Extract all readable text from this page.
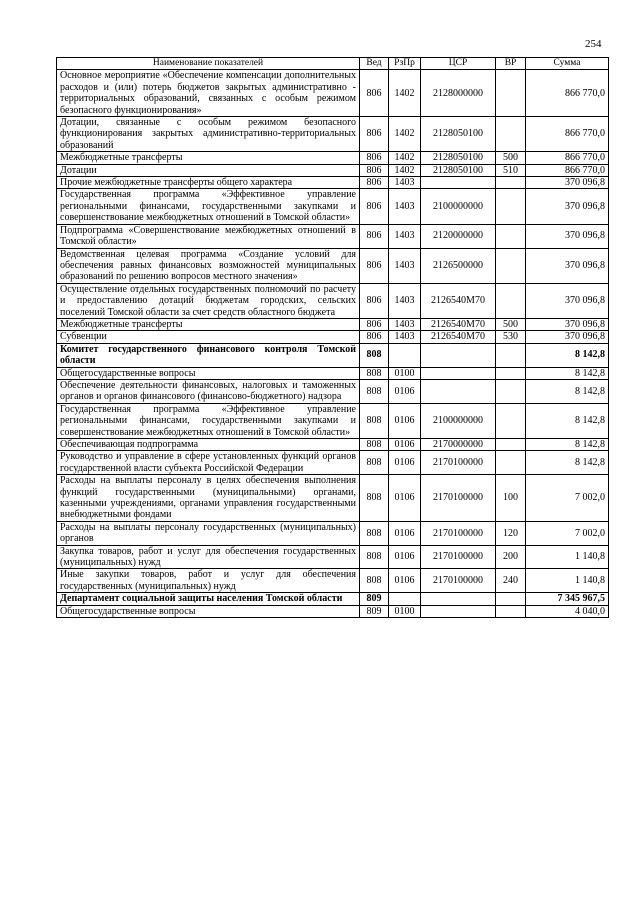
254
Наименование показателей	Вед	РзПр	ЦСР	ВР	Сумма
Основное мероприятие «Обеспечение компенсации дополнительных расходов и (или) потерь бюджетов закрытых административно - территориальных образований, связанных с особым режимом безопасного функционирования»	806	1402	2128000000		866 770,0
Дотации, связанные с особым режимом безопасного функционирования закрытых административно-территориальных образований	806	1402	2128050100		866 770,0
Межбюджетные трансферты	806	1402	2128050100	500	866 770,0
Дотации	806	1402	2128050100	510	866 770,0
Прочие межбюджетные трансферты общего характера	806	1403			370 096,8
Государственная программа «Эффективное управление региональными финансами, государственными закупками и совершенствование межбюджетных отношений в Томской области»	806	1403	2100000000		370 096,8
Подпрограмма «Совершенствование межбюджетных отношений в Томской области»	806	1403	2120000000		370 096,8
Ведомственная целевая программа «Создание условий для обеспечения равных финансовых возможностей муниципальных образований по решению вопросов местного значения»	806	1403	2126500000		370 096,8
Осуществление отдельных государственных полномочий по расчету и предоставлению дотаций бюджетам городских, сельских поселений Томской области за счет средств областного бюджета	806	1403	2126540М70		370 096,8
Межбюджетные трансферты	806	1403	2126540М70	500	370 096,8
Субвенции	806	1403	2126540М70	530	370 096,8
Комитет государственного финансового контроля Томской области	808				8 142,8
Общегосударственные вопросы	808	0100			8 142,8
Обеспечение деятельности финансовых, налоговых и таможенных органов и органов финансового (финансово-бюджетного) надзора	808	0106			8 142,8
Государственная программа «Эффективное управление региональными финансами, государственными закупками и совершенствование межбюджетных отношений в Томской области»	808	0106	2100000000		8 142,8
Обеспечивающая подпрограмма	808	0106	2170000000		8 142,8
Руководство и управление в сфере установленных функций органов государственной власти субъекта Российской Федерации	808	0106	2170100000		8 142,8
Расходы на выплаты персоналу в целях обеспечения выполнения функций государственными (муниципальными) органами, казенными учреждениями, органами управления государственными внебюджетными фондами	808	0106	2170100000	100	7 002,0
Расходы на выплаты персоналу государственных (муниципальных) органов	808	0106	2170100000	120	7 002,0
Закупка товаров, работ и услуг для обеспечения государственных (муниципальных) нужд	808	0106	2170100000	200	1 140,8
Иные закупки товаров, работ и услуг для обеспечения государственных (муниципальных) нужд	808	0106	2170100000	240	1 140,8
Департамент социальной защиты населения Томской области	809				7 345 967,5
Общегосударственные вопросы	809	0100			4 040,0
